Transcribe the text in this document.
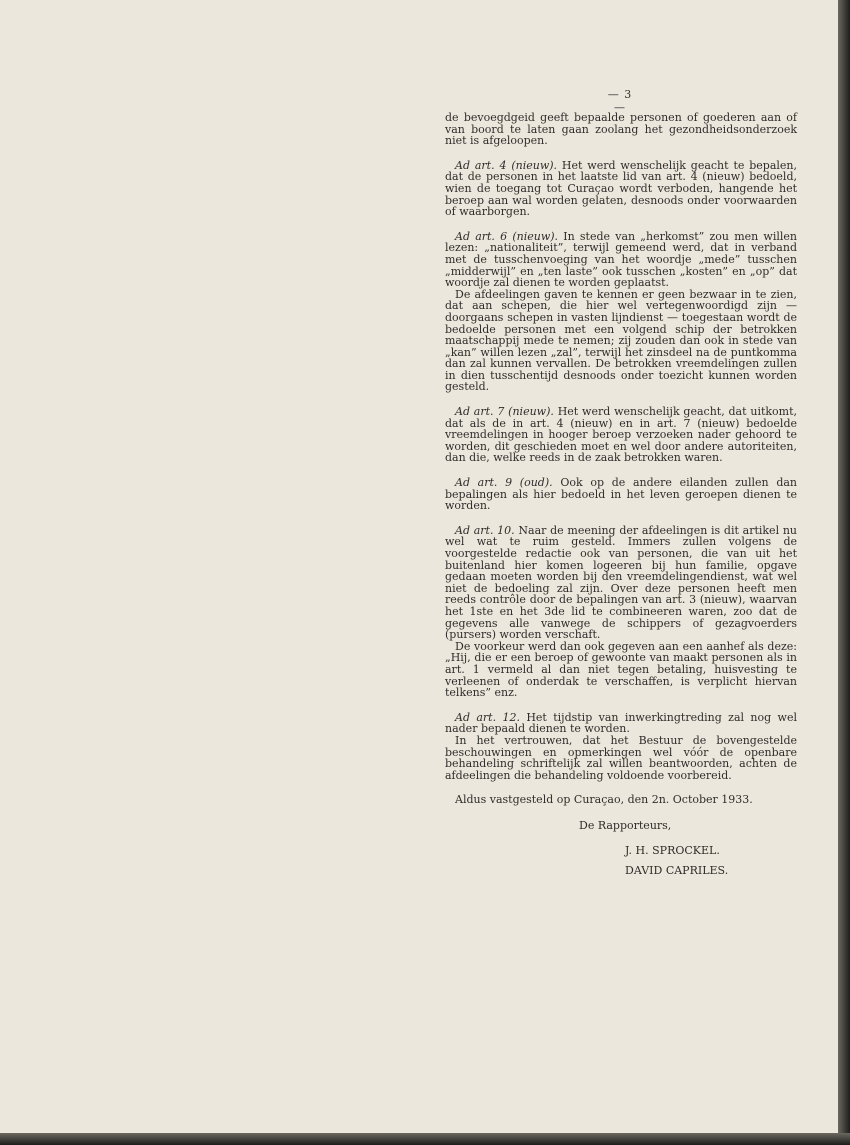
— 3 —

de bevoegdgeid geeft bepaalde personen of goederen aan of van boord te laten gaan zoolang het gezondheidsonderzoek niet is afgeloopen.

Ad art. 4 (nieuw). Het werd wenschelijk geacht te bepalen, dat de personen in het laatste lid van art. 4 (nieuw) bedoeld, wien de toegang tot Curaçao wordt verboden, hangende het beroep aan wal worden gelaten, desnoods onder voorwaarden of waarborgen.

Ad art. 6 (nieuw). In stede van „herkomst” zou men willen lezen: „nationaliteit”, terwijl gemeend werd, dat in verband met de tusschenvoeging van het woordje „mede” tusschen „midderwijl” en „ten laste” ook tusschen „kosten” en „op” dat woordje zal dienen te worden geplaatst.

De afdeelingen gaven te kennen er geen bezwaar in te zien, dat aan schepen, die hier wel vertegenwoordigd zijn — doorgaans schepen in vasten lijndienst — toegestaan wordt de bedoelde personen met een volgend schip der betrokken maatschappij mede te nemen; zij zouden dan ook in stede van „kan” willen lezen „zal”, terwijl het zinsdeel na de puntkomma dan zal kunnen vervallen. De betrokken vreemdelingen zullen in dien tusschentijd desnoods onder toezicht kunnen worden gesteld.

Ad art. 7 (nieuw). Het werd wenschelijk geacht, dat uitkomt, dat als de in art. 4 (nieuw) en in art. 7 (nieuw) bedoelde vreemdelingen in hooger beroep verzoeken nader gehoord te worden, dit geschieden moet en wel door andere autoriteiten, dan die, welke reeds in de zaak betrokken waren.

Ad art. 9 (oud). Ook op de andere eilanden zullen dan bepalingen als hier bedoeld in het leven geroepen dienen te worden.

Ad art. 10. Naar de meening der afdeelingen is dit artikel nu wel wat te ruim gesteld. Immers zullen volgens de voorgestelde redactie ook van personen, die van uit het buitenland hier komen logeeren bij hun familie, opgave gedaan moeten worden bij den vreemdelingendienst, wat wel niet de bedoeling zal zijn. Over deze personen heeft men reeds contrôle door de bepalingen van art. 3 (nieuw), waarvan het 1ste en het 3de lid te combineeren waren, zoo dat de gegevens alle vanwege de schippers of gezagvoerders (pursers) worden verschaft.

De voorkeur werd dan ook gegeven aan een aanhef als deze: „Hij, die er een beroep of gewoonte van maakt personen als in art. 1 vermeld al dan niet tegen betaling, huisvesting te verleenen of onderdak te verschaffen, is verplicht hiervan telkens” enz.

Ad art. 12. Het tijdstip van inwerkingtreding zal nog wel nader bepaald dienen te worden.

In het vertrouwen, dat het Bestuur de bovengestelde beschouwingen en opmerkingen wel vóór de openbare behandeling schriftelijk zal willen beantwoorden, achten de afdeelingen die behandeling voldoende voorbereid.

Aldus vastgesteld op Curaçao, den 2n. October 1933.

De Rapporteurs,

J. H. SPROCKEL.

DAVID CAPRILES.
